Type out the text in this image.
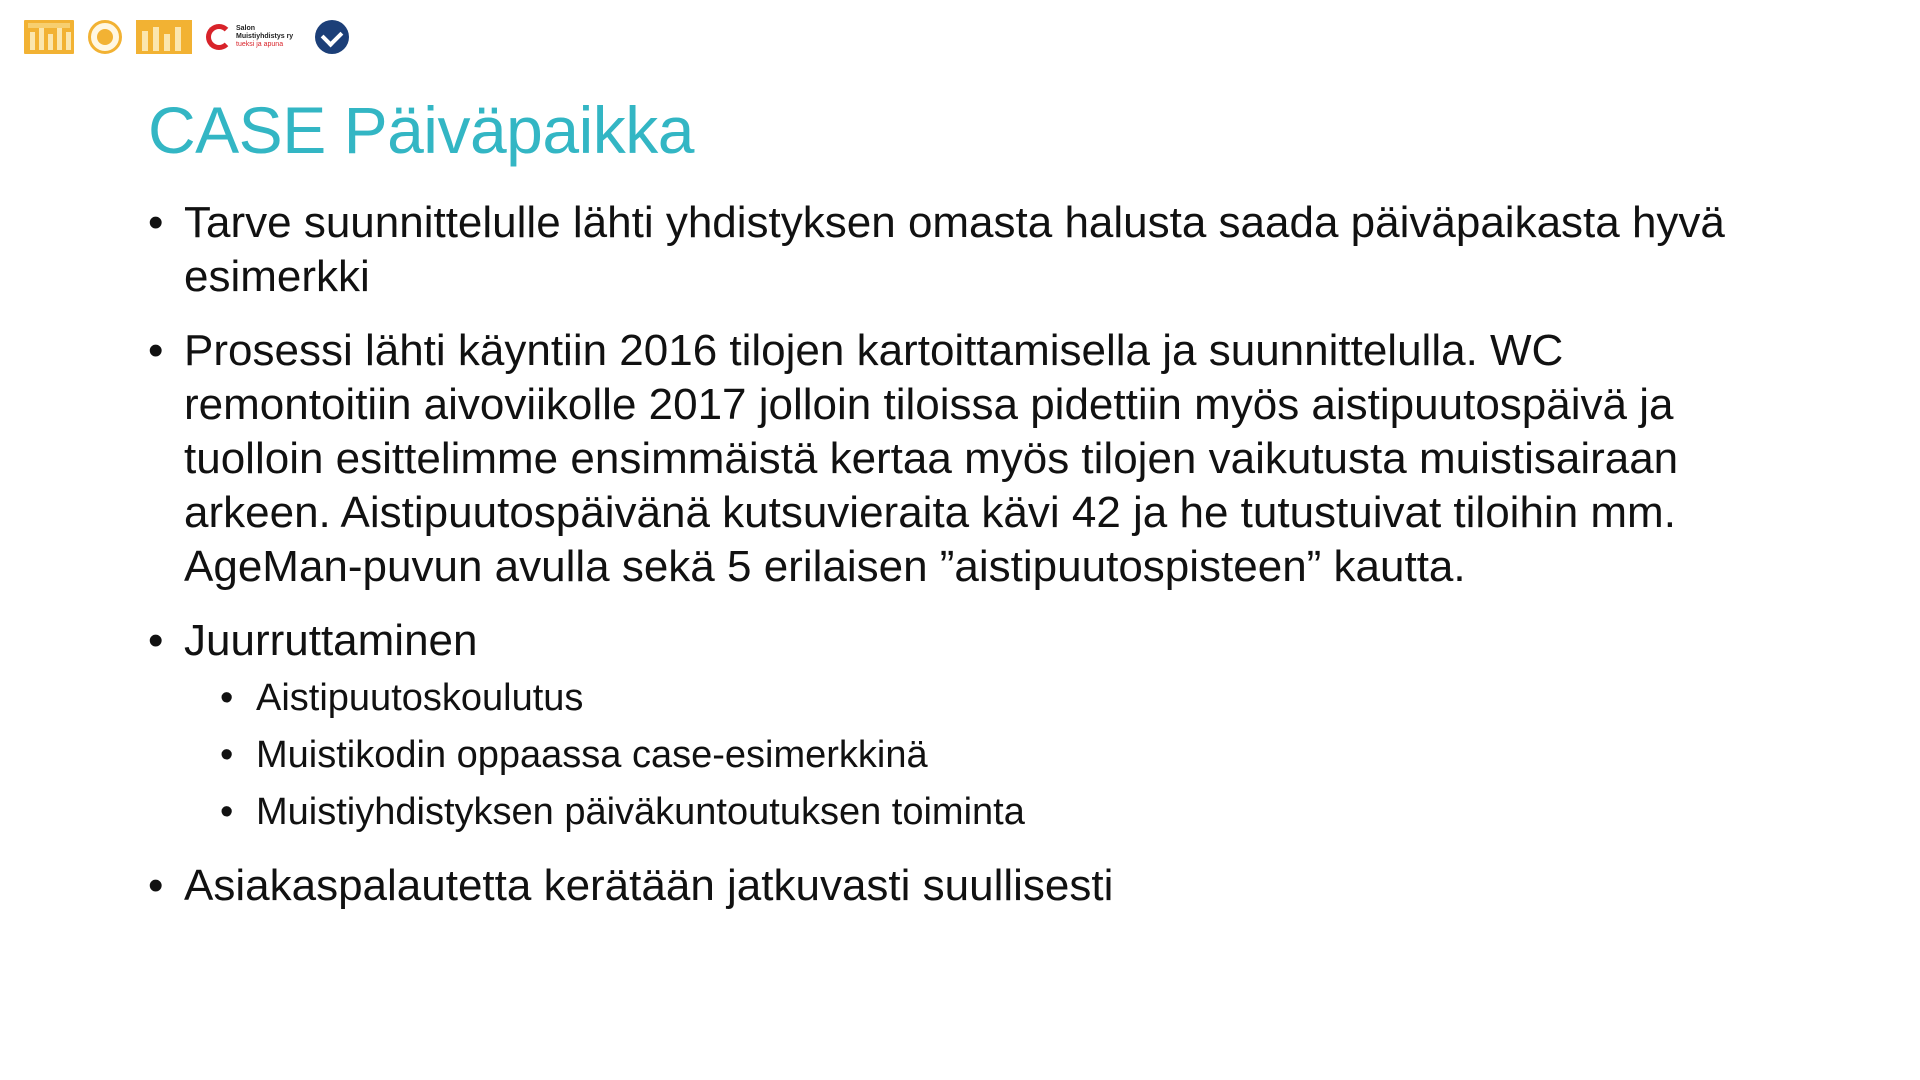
Salon
Muistiyhdistys ry
tueksi ja apuna
CASE Päiväpaikka
• Tarve suunnittelulle lähti yhdistyksen omasta halusta saada päiväpaikasta hyvä esimerkki
• Prosessi lähti käyntiin 2016 tilojen kartoittamisella ja suunnittelulla. WC remontoitiin aivoviikolle 2017 jolloin tiloissa pidettiin myös aistipuutospäivä ja tuolloin esittelimme ensimmäistä kertaa myös tilojen vaikutusta muistisairaan arkeen. Aistipuutospäivänä kutsuvieraita kävi 42 ja he tutustuivat tiloihin mm. AgeMan-puvun avulla sekä 5 erilaisen ”aistipuutospisteen” kautta.
• Juurruttaminen
• Aistipuutoskoulutus
• Muistikodin oppaassa case-esimerkkinä
• Muistiyhdistyksen päiväkuntoutuksen toiminta
• Asiakaspalautetta kerätään jatkuvasti suullisesti
